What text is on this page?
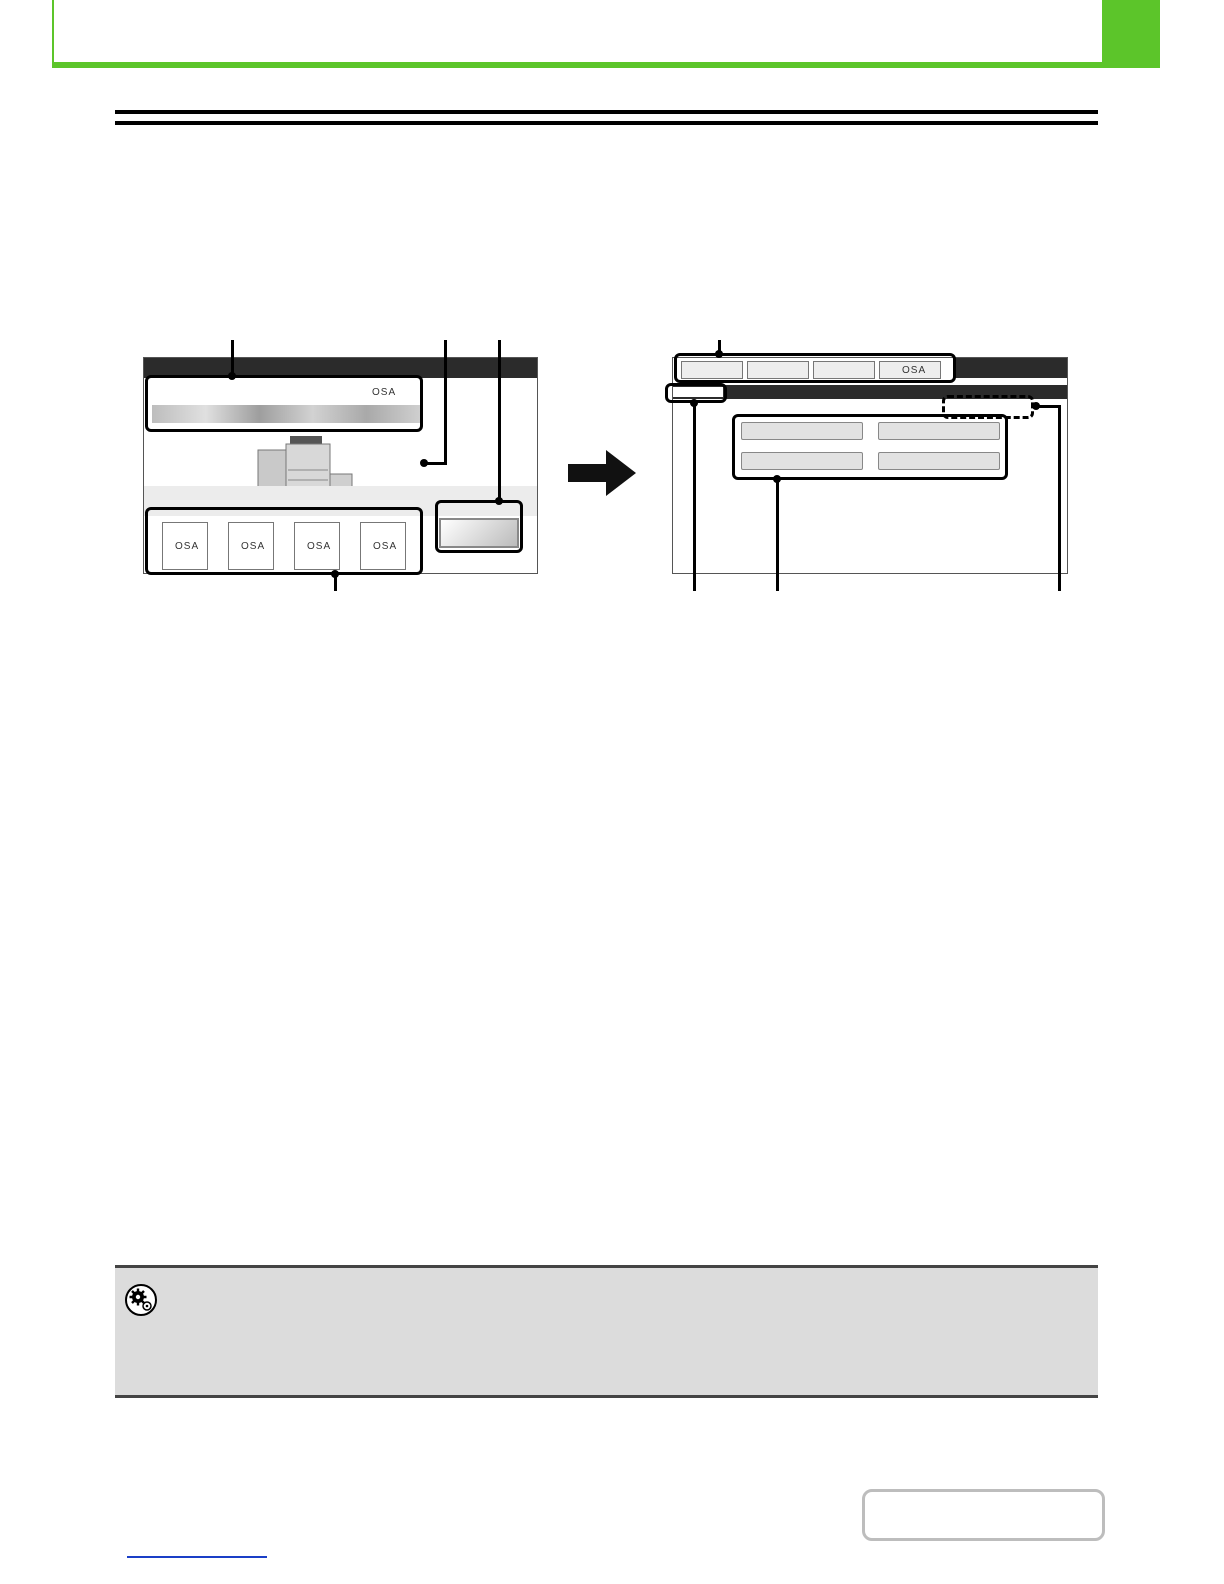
OSA
OSA	OSA	OSA	OSA
OSA
